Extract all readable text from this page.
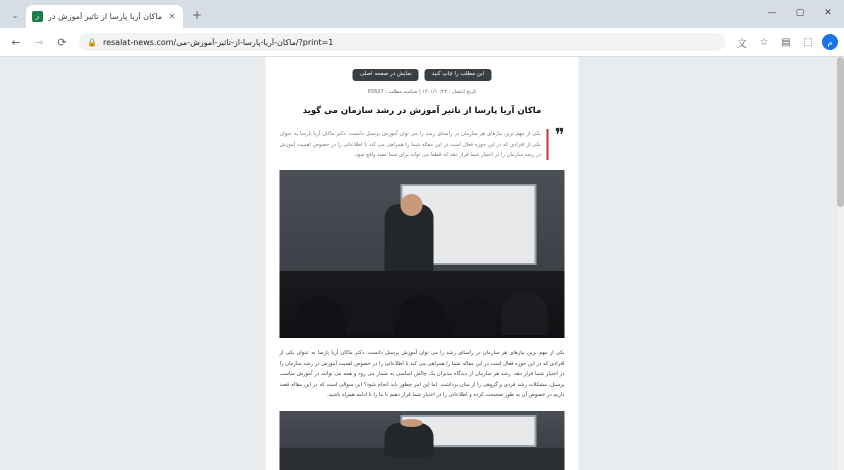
⌄	ر	ماکان آریا پارسا از تاثیر آموزش در ✕	+	—	▢	✕
←	→	⟳	🔒 resalat-news.com/ماکان-آریا-پارسا-از-تاثیر-آموزش-می/?print=1	文	☆	▤	⬚	م
این مطلب را چاپ کنید
نمایش در صفحه اصلی
تاریخ انتشار : ۱۴۰۱/۱۰/۲۲ | شناسه مطلب : 65627
ماکان آریا پارسا از تاثیر آموزش در رشد سازمان می گوید
❞
یکی از مهم ترین نیازهای هر سازمان در راستای رشد را می توان آموزش پرسنل دانست. دکتر ماکان آریا پارسا به عنوان یکی از افرادی که در این حوزه فعال است در این مقاله شما را همراهی می کند تا اطلاعاتی را در خصوص اهمیت آموزش در رشد سازمان را در اختیار شما قرار دهد که قطعا می تواند برای شما مفید واقع شود.
یکی از مهم ترین نیازهای هر سازمان در راستای رشد را می توان آموزش پرسنل دانست. دکتر ماکان آریا پارسا به عنوان یکی از افرادی که در این حوزه فعال است در این مقاله شما را همراهی می کند تا اطلاعاتی را در خصوص اهمیت آموزش در رشد سازمان را در اختیار شما قرار دهد. رشد هر سازمان از دیدگاه مدیران یک چالش اساسی به شمار می رود و همه می توانند در آموزش مناسب پرسنل، مشکلات رشد فردی و گروهی را از میان برداشت. اما این امر چطور باید انجام شود؟ این سوالی است که در این مقاله قصد داریم در خصوص آن به طور صحیحت کرده و اطلاعاتی را در اختیار شما قرار دهیم تا ما را تا ادامه همراه باشید.
